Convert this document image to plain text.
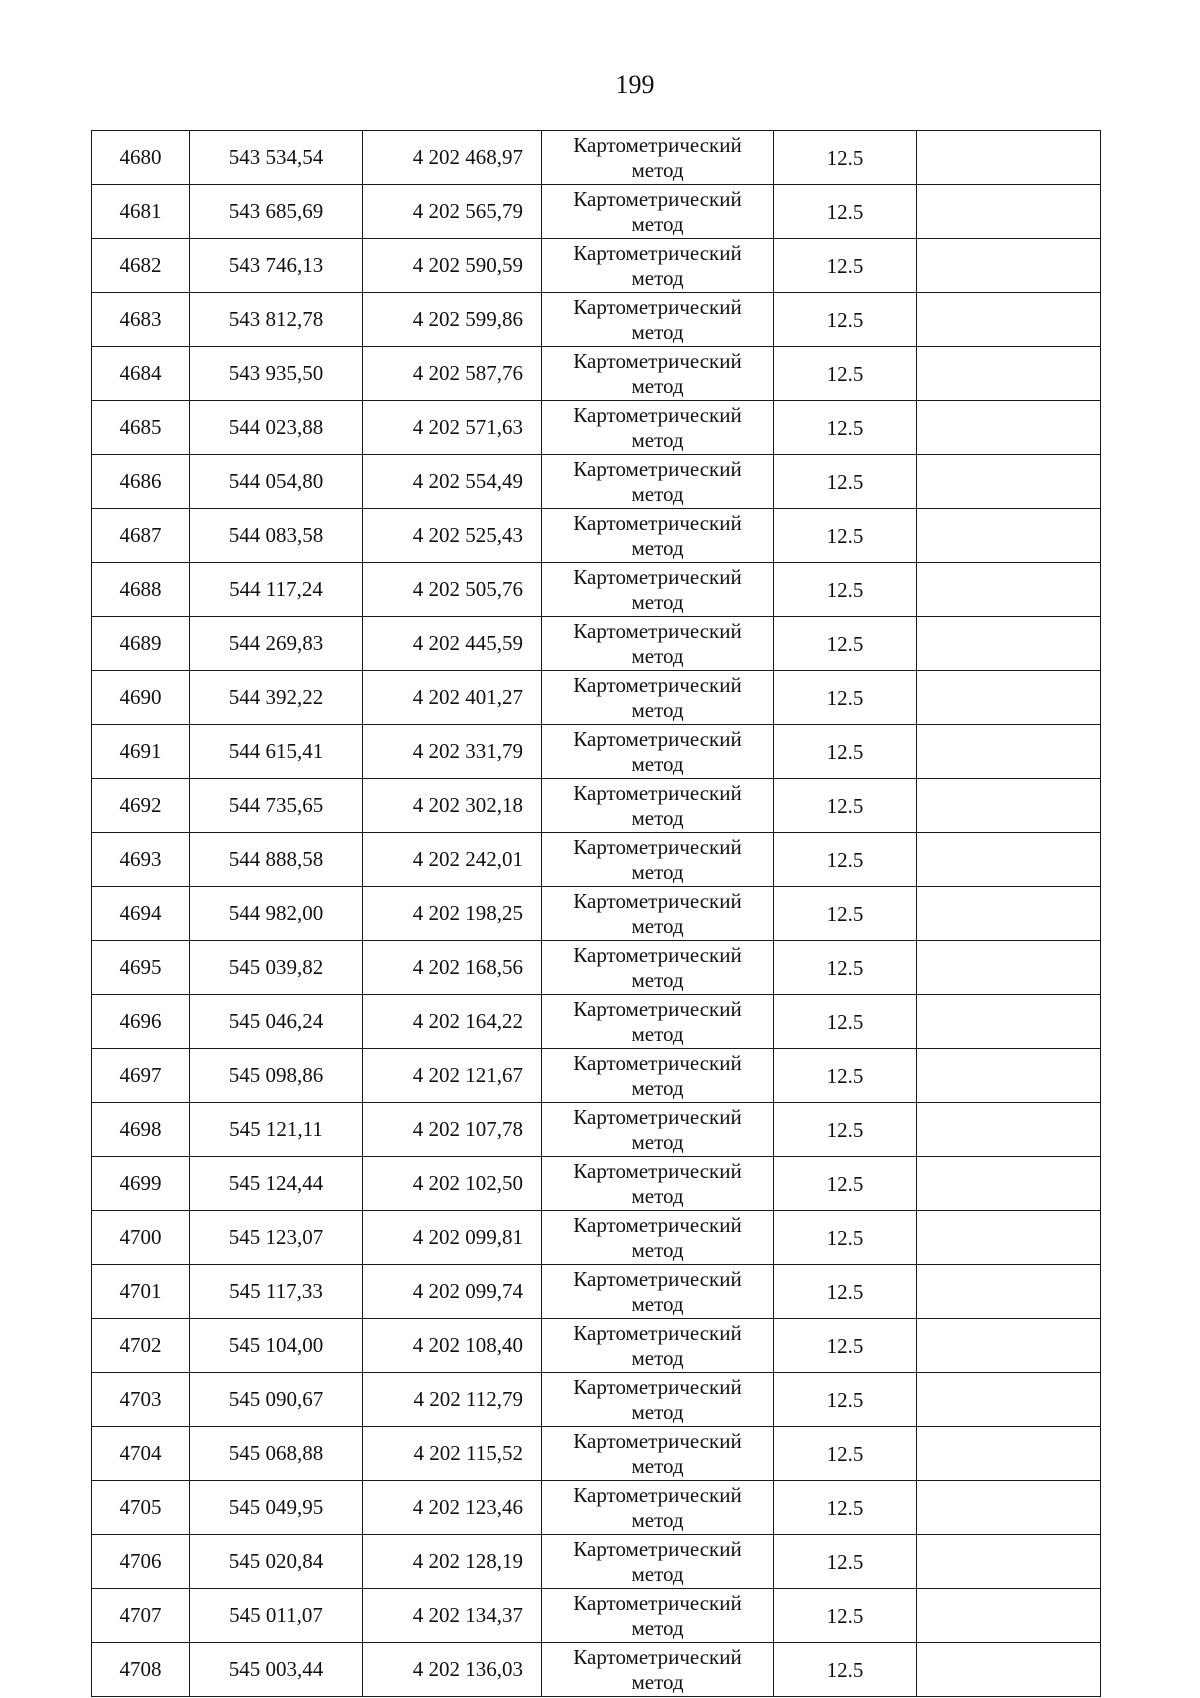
199
4680	543 534,54	4 202 468,97	Картометрический
метод	12.5	
4681	543 685,69	4 202 565,79	Картометрический
метод	12.5	
4682	543 746,13	4 202 590,59	Картометрический
метод	12.5	
4683	543 812,78	4 202 599,86	Картометрический
метод	12.5	
4684	543 935,50	4 202 587,76	Картометрический
метод	12.5	
4685	544 023,88	4 202 571,63	Картометрический
метод	12.5	
4686	544 054,80	4 202 554,49	Картометрический
метод	12.5	
4687	544 083,58	4 202 525,43	Картометрический
метод	12.5	
4688	544 117,24	4 202 505,76	Картометрический
метод	12.5	
4689	544 269,83	4 202 445,59	Картометрический
метод	12.5	
4690	544 392,22	4 202 401,27	Картометрический
метод	12.5	
4691	544 615,41	4 202 331,79	Картометрический
метод	12.5	
4692	544 735,65	4 202 302,18	Картометрический
метод	12.5	
4693	544 888,58	4 202 242,01	Картометрический
метод	12.5	
4694	544 982,00	4 202 198,25	Картометрический
метод	12.5	
4695	545 039,82	4 202 168,56	Картометрический
метод	12.5	
4696	545 046,24	4 202 164,22	Картометрический
метод	12.5	
4697	545 098,86	4 202 121,67	Картометрический
метод	12.5	
4698	545 121,11	4 202 107,78	Картометрический
метод	12.5	
4699	545 124,44	4 202 102,50	Картометрический
метод	12.5	
4700	545 123,07	4 202 099,81	Картометрический
метод	12.5	
4701	545 117,33	4 202 099,74	Картометрический
метод	12.5	
4702	545 104,00	4 202 108,40	Картометрический
метод	12.5	
4703	545 090,67	4 202 112,79	Картометрический
метод	12.5	
4704	545 068,88	4 202 115,52	Картометрический
метод	12.5	
4705	545 049,95	4 202 123,46	Картометрический
метод	12.5	
4706	545 020,84	4 202 128,19	Картометрический
метод	12.5	
4707	545 011,07	4 202 134,37	Картометрический
метод	12.5	
4708	545 003,44	4 202 136,03	Картометрический
метод	12.5	
